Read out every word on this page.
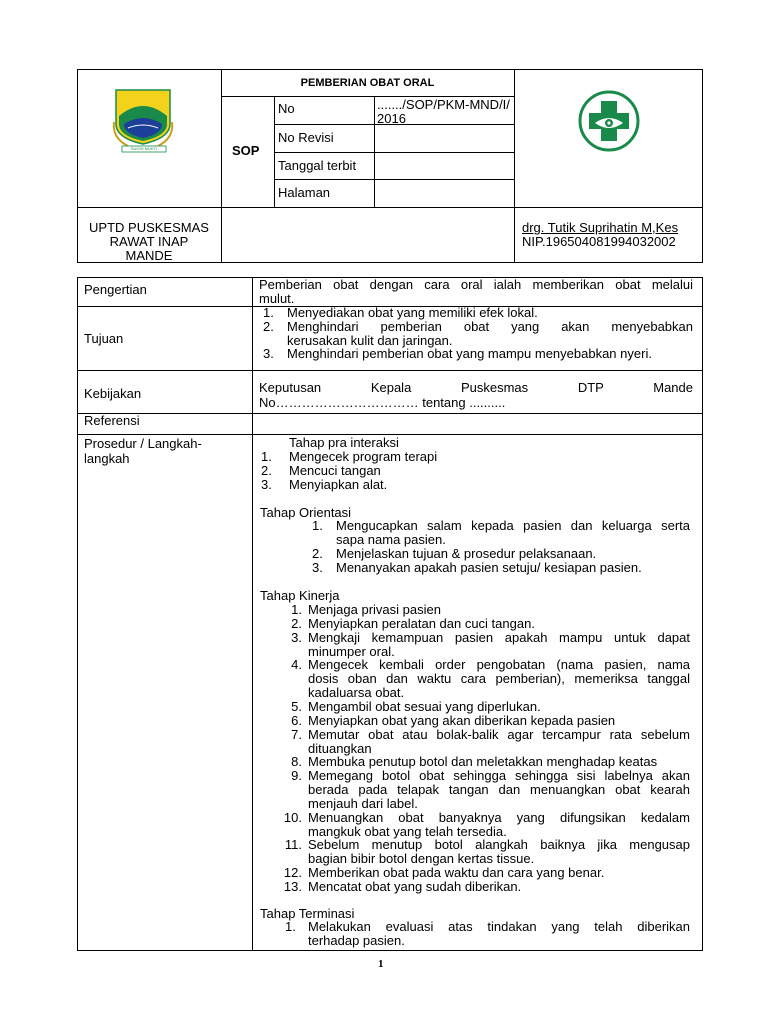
SUGIH MUKTI
PEMBERIAN OBAT ORAL
SOP
No	......./SOP/PKM-MND/I/2016
No Revisi
Tanggal terbit
Halaman
UPTD PUSKESMAS
RAWAT INAP
MANDE
drg. Tutik Suprihatin M,Kes
NIP.196504081994032002
Pengertian	Pemberian obat dengan cara oral ialah memberikan obat melalui
mulut.
Tujuan
1. Menyediakan obat yang memiliki efek lokal.
2. Menghindari pemberian obat yang akan menyebabkan
kerusakan kulit dan jaringan.
3. Menghindari pemberian obat yang mampu menyebabkan nyeri.
Kebijakan	Keputusan Kepala Puskesmas DTP Mande
No…………………………… tentang ..........
Referensi
Prosedur / Langkah-
langkah
Tahap pra interaksi
1. Mengecek program terapi
2. Mencuci tangan
3. Menyiapkan alat.
Tahap Orientasi
1. Mengucapkan salam kepada pasien dan keluarga serta
sapa nama pasien.
2. Menjelaskan tujuan & prosedur pelaksanaan.
3. Menanyakan apakah pasien setuju/ kesiapan pasien.
Tahap Kinerja
1. Menjaga privasi pasien
2. Menyiapkan peralatan dan cuci tangan.
3. Mengkaji kemampuan pasien apakah mampu untuk dapat
minumper oral.
4. Mengecek kembali order pengobatan (nama pasien, nama
dosis oban dan waktu cara pemberian), memeriksa tanggal
kadaluarsa obat.
5. Mengambil obat sesuai yang diperlukan.
6. Menyiapkan obat yang akan diberikan kepada pasien
7. Memutar obat atau bolak-balik agar tercampur rata sebelum
dituangkan
8. Membuka penutup botol dan meletakkan menghadap keatas
9. Memegang botol obat sehingga sehingga sisi labelnya akan
berada pada telapak tangan dan menuangkan obat kearah
menjauh dari label.
10. Menuangkan obat banyaknya yang difungsikan kedalam
mangkuk obat yang telah tersedia.
11. Sebelum menutup botol alangkah baiknya jika mengusap
bagian bibir botol dengan kertas tissue.
12. Memberikan obat pada waktu dan cara yang benar.
13. Mencatat obat yang sudah diberikan.
Tahap Terminasi
1. Melakukan evaluasi atas tindakan yang telah diberikan
terhadap pasien.
1
